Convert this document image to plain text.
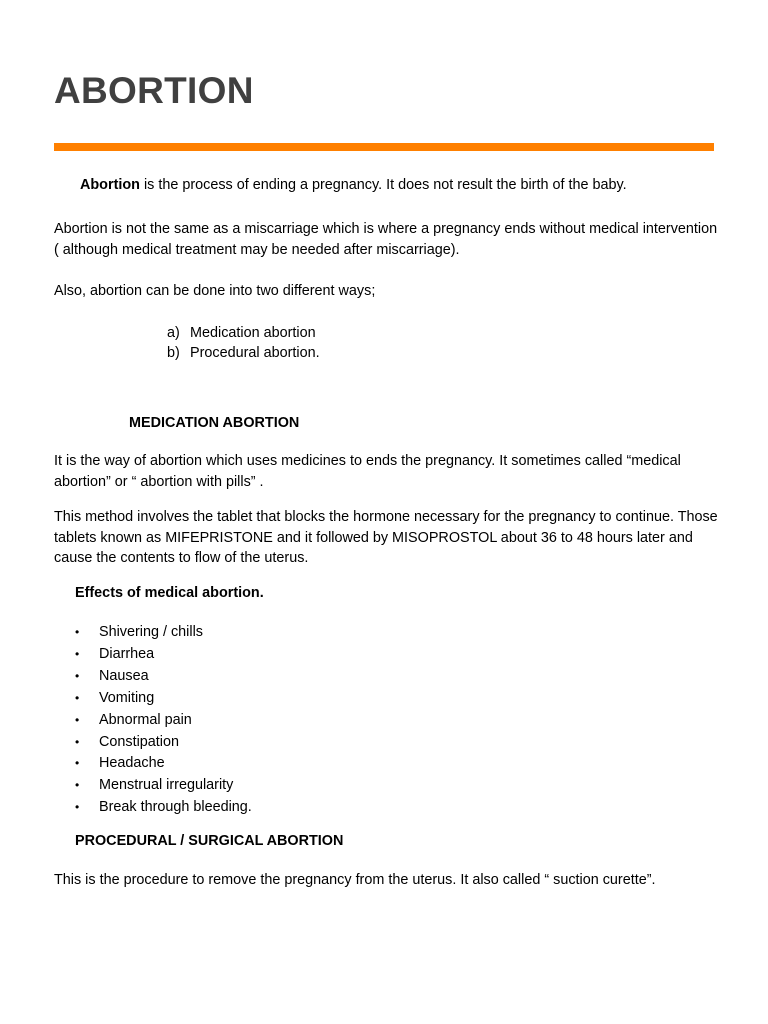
ABORTION

Abortion is the process of ending a pregnancy. It does not result the birth of the baby.

Abortion is not the same as a miscarriage which is where a pregnancy ends without medical intervention ( although medical treatment may be needed after miscarriage).

Also, abortion can be done into two different ways;

a) Medication abortion
b) Procedural abortion.
MEDICATION ABORTION

It is the way of abortion which uses medicines to ends the pregnancy. It sometimes called “medical abortion” or “ abortion with pills” .

This method involves the tablet that blocks the hormone necessary for the pregnancy to continue. Those tablets known as MIFEPRISTONE and it followed by MISOPROSTOL about 36 to 48 hours later and cause the contents to flow of the uterus.

Effects of medical abortion.
•	Shivering / chills
•	Diarrhea
•	Nausea
•	Vomiting
•	Abnormal pain
•	Constipation
•	Headache
•	Menstrual irregularity
•	Break through bleeding.
PROCEDURAL / SURGICAL ABORTION

This is the procedure to remove the pregnancy from the uterus. It also called “ suction curette”.
